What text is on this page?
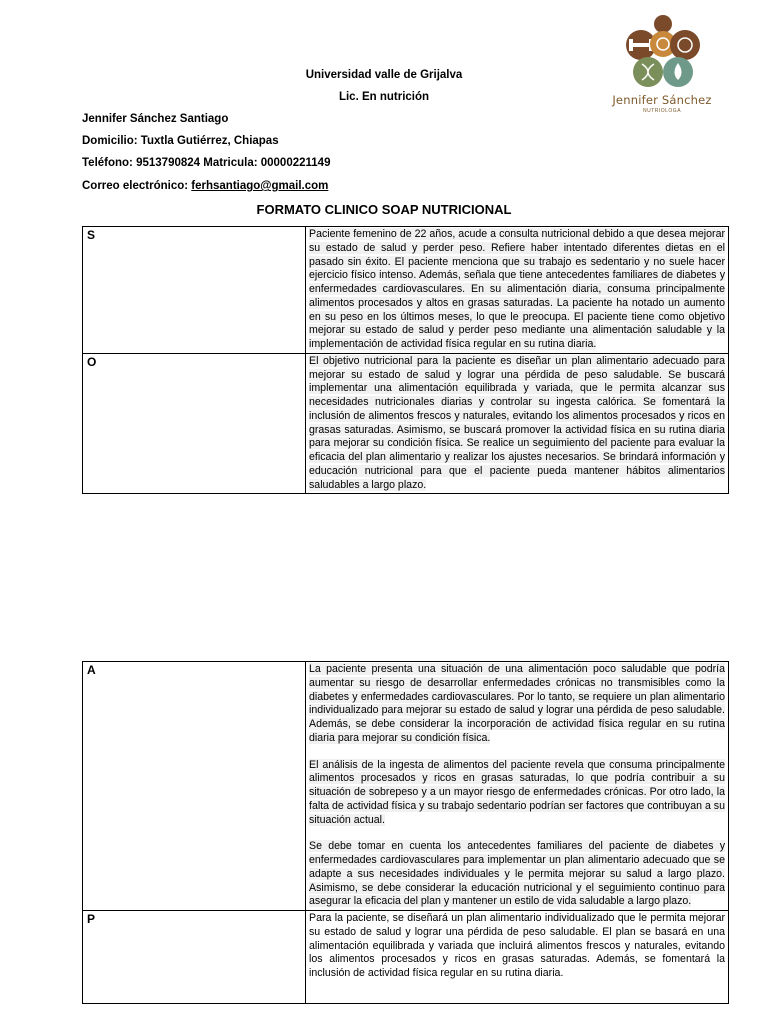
Jennifer Sánchez
NUTRIOLOGA
Universidad valle de Grijalva
Lic. En nutrición
Jennifer Sánchez Santiago
Domicilio: Tuxtla Gutiérrez, Chiapas
Teléfono: 9513790824 Matricula: 00000221149
Correo electrónico: ferhsantiago@gmail.com
FORMATO CLINICO SOAP NUTRICIONAL
S	Paciente femenino de 22 años, acude a consulta nutricional debido a que desea mejorar su estado de salud y perder peso. Refiere haber intentado diferentes dietas en el pasado sin éxito. El paciente menciona que su trabajo es sedentario y no suele hacer ejercicio físico intenso. Además, señala que tiene antecedentes familiares de diabetes y enfermedades cardiovasculares. En su alimentación diaria, consuma principalmente alimentos procesados y altos en grasas saturadas. La paciente ha notado un aumento en su peso en los últimos meses, lo que le preocupa. El paciente tiene como objetivo mejorar su estado de salud y perder peso mediante una alimentación saludable y la implementación de actividad física regular en su rutina diaria.
O	El objetivo nutricional para la paciente es diseñar un plan alimentario adecuado para mejorar su estado de salud y lograr una pérdida de peso saludable. Se buscará implementar una alimentación equilibrada y variada, que le permita alcanzar sus necesidades nutricionales diarias y controlar su ingesta calórica. Se fomentará la inclusión de alimentos frescos y naturales, evitando los alimentos procesados y ricos en grasas saturadas. Asimismo, se buscará promover la actividad física en su rutina diaria para mejorar su condición física. Se realice un seguimiento del paciente para evaluar la eficacia del plan alimentario y realizar los ajustes necesarios. Se brindará información y educación nutricional para que el paciente pueda mantener hábitos alimentarios saludables a largo plazo.
A	La paciente presenta una situación de una alimentación poco saludable que podría aumentar su riesgo de desarrollar enfermedades crónicas no transmisibles como la diabetes y enfermedades cardiovasculares. Por lo tanto, se requiere un plan alimentario individualizado para mejorar su estado de salud y lograr una pérdida de peso saludable. Además, se debe considerar la incorporación de actividad física regular en su rutina diaria para mejorar su condición física.
El análisis de la ingesta de alimentos del paciente revela que consuma principalmente alimentos procesados y ricos en grasas saturadas, lo que podría contribuir a su situación de sobrepeso y a un mayor riesgo de enfermedades crónicas. Por otro lado, la falta de actividad física y su trabajo sedentario podrían ser factores que contribuyan a su situación actual.
Se debe tomar en cuenta los antecedentes familiares del paciente de diabetes y enfermedades cardiovasculares para implementar un plan alimentario adecuado que se adapte a sus necesidades individuales y le permita mejorar su salud a largo plazo. Asimismo, se debe considerar la educación nutricional y el seguimiento continuo para asegurar la eficacia del plan y mantener un estilo de vida saludable a largo plazo.
P	Para la paciente, se diseñará un plan alimentario individualizado que le permita mejorar su estado de salud y lograr una pérdida de peso saludable. El plan se basará en una alimentación equilibrada y variada que incluirá alimentos frescos y naturales, evitando los alimentos procesados y ricos en grasas saturadas. Además, se fomentará la inclusión de actividad física regular en su rutina diaria.
